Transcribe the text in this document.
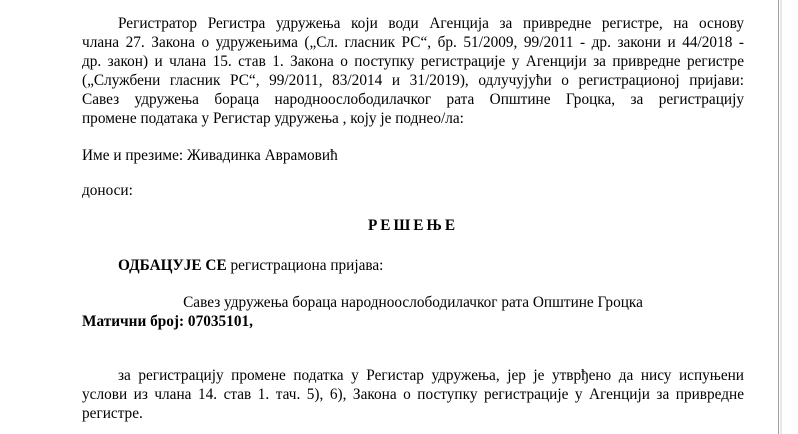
Регистратор Регистра удружења који води Агенција за привредне регистре, на основу
члана 27. Закона о удружењима („Сл. гласник РС“, бр. 51/2009, 99/2011 - др. закони и 44/2018 -
др. закон) и члана 15. став 1. Закона о поступку регистрације у Агенцији за привредне регистре
(„Службени гласник РС“, 99/2011, 83/2014 и 31/2019), одлучујући о регистрационој пријави:
Савез удружења бораца народноослободилачког рата Општине Гроцка, за регистрацију
промене података у Регистар удружења , коју је поднео/ла:

Име и презиме: Живадинка Аврамовић

доноси:

РЕШЕЊЕ

ОДБАЦУЈЕ СЕ регистрациона пријава:

Савез удружења бораца народноослободилачког рата Општине Гроцка

Матични број: 07035101,

за регистрацију промене податка у Регистар удружења, јер је утврђено да нису испуњени
услови из члана 14. став 1. тач. 5), 6), Закона о поступку регистрације у Агенцији за привредне
регистре.
